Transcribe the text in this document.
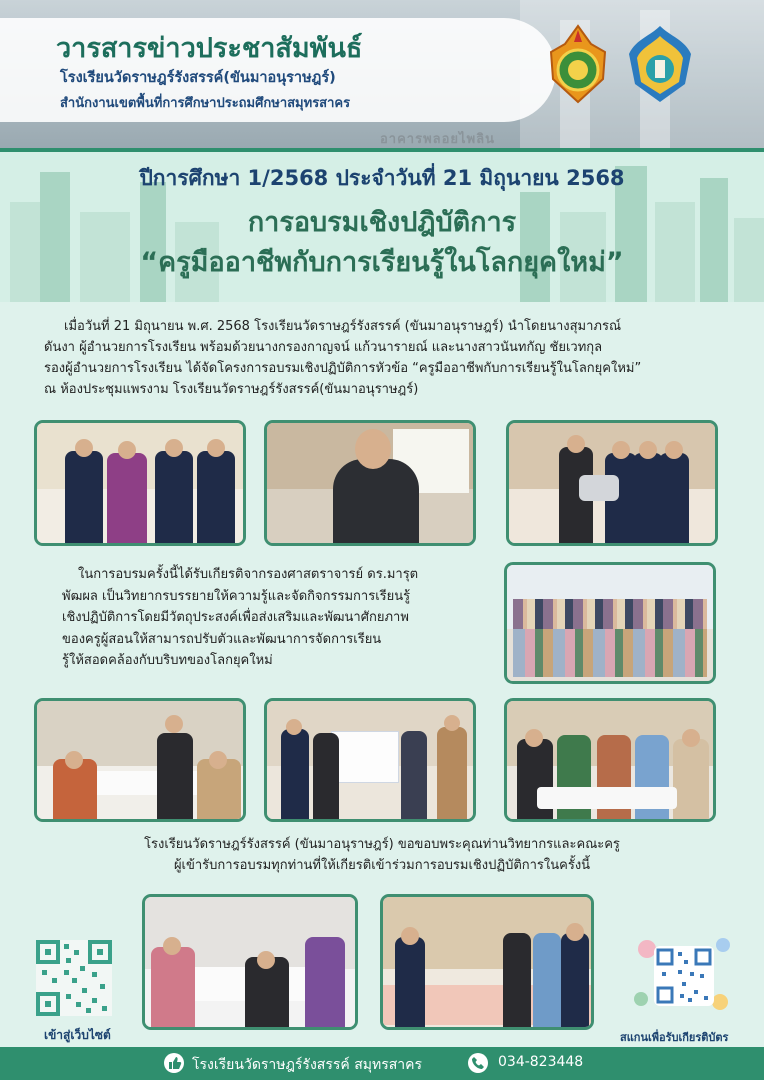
อาคารพลอยไพลิน
วารสารข่าวประชาสัมพันธ์
โรงเรียนวัดราษฎร์รังสรรค์(ขันมาอนุราษฎร์)
สำนักงานเขตพื้นที่การศึกษาประถมศึกษาสมุทรสาคร
ปีการศึกษา 1/2568 ประจำวันที่ 21 มิถุนายน 2568
การอบรมเชิงปฎิบัติการ
“ครูมืออาชีพกับการเรียนรู้ในโลกยุคใหม่”
เมื่อวันที่ 21 มิถุนายน พ.ศ. 2568 โรงเรียนวัดราษฎร์รังสรรค์ (ขันมาอนุราษฎร์) นำโดยนางสุมาภรณ์
ดันงา ผู้อำนวยการโรงเรียน พร้อมด้วยนางกรองกาญจน์ แก้วนารายณ์ และนางสาวนันทกัญ ชัยเวทกุล
รองผู้อำนวยการโรงเรียน ได้จัดโครงการอบรมเชิงปฏิบัติการหัวข้อ “ครูมืออาชีพกับการเรียนรู้ในโลกยุคใหม่”
ณ ห้องประชุมแพรงาม โรงเรียนวัดราษฎร์รังสรรค์(ขันมาอนุราษฎร์)
ในการอบรมครั้งนี้ได้รับเกียรติจากรองศาสตราจารย์ ดร.มารุต
พัฒผล เป็นวิทยากรบรรยายให้ความรู้และจัดกิจกรรมการเรียนรู้
เชิงปฏิบัติการโดยมีวัตถุประสงค์เพื่อส่งเสริมและพัฒนาศักยภาพ
ของครูผู้สอนให้สามารถปรับตัวและพัฒนาการจัดการเรียน
รู้ให้สอดคล้องกับบริบทของโลกยุคใหม่
โรงเรียนวัดราษฎร์รังสรรค์ (ขันมาอนุราษฎร์) ขอขอบพระคุณท่านวิทยากรและคณะครู
ผู้เข้ารับการอบรมทุกท่านที่ให้เกียรติเข้าร่วมการอบรมเชิงปฏิบัติการในครั้งนี้
เข้าสู่เว็บไซต์	สแกนเพื่อรับเกียรติบัตร
โรงเรียนวัดราษฎร์รังสรรค์ สมุทรสาคร	034-823448
